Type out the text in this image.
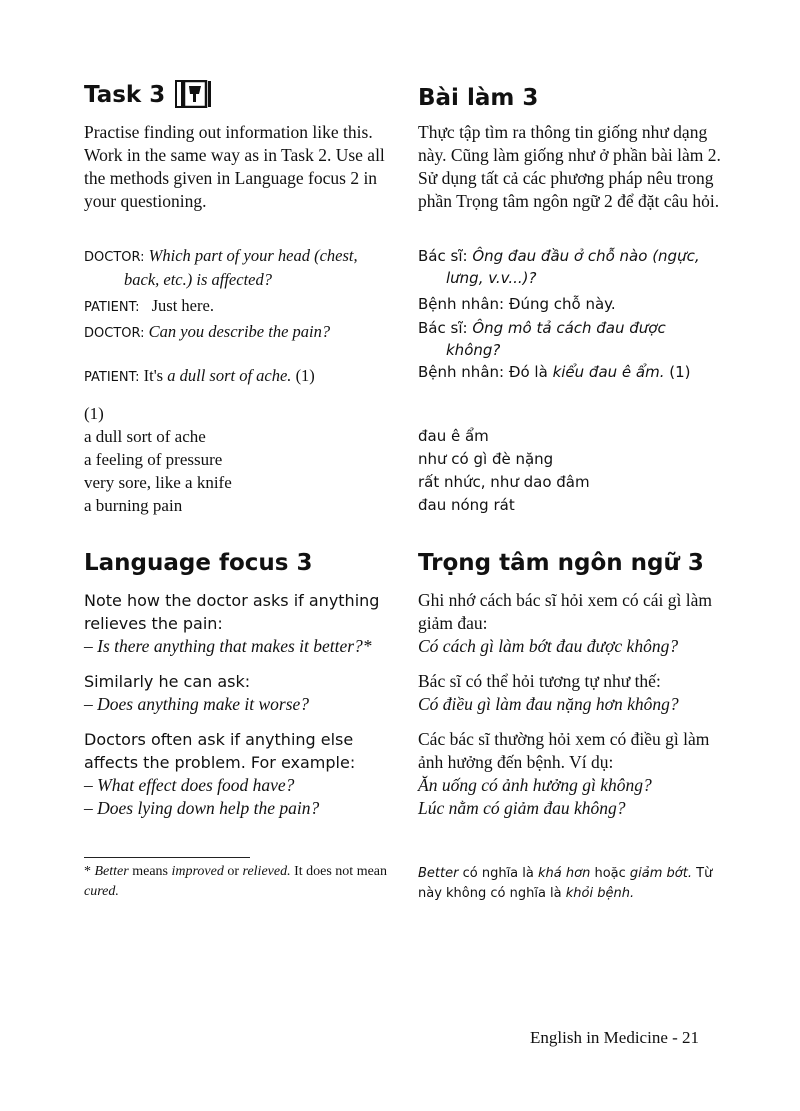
Task 3

Practise finding out information like this. Work in the same way as in Task 2. Use all the methods given in Language focus 2 in your questioning.

DOCTOR: Which part of your head (chest,
back, etc.) is affected?
PATIENT: Just here.
DOCTOR: Can you describe the pain?
PATIENT: It's a dull sort of ache. (1)
(1)
a dull sort of ache
a feeling of pressure
very sore, like a knife
a burning pain
Language focus 3

Note how the doctor asks if anything relieves the pain:

– Is there anything that makes it better?*

Similarly he can ask:

– Does anything make it worse?

Doctors often ask if anything else affects the problem. For example:

– What effect does food have?

– Does lying down help the pain?

* Better means improved or relieved. It does not mean cured.

Bài làm 3

Thực tập tìm ra thông tin giống như dạng này. Cũng làm giống như ở phần bài làm 2. Sử dụng tất cả các phương pháp nêu trong phần Trọng tâm ngôn ngữ 2 để đặt câu hỏi.

Bác sĩ: Ông đau đầu ở chỗ nào (ngực,
lưng, v.v...)?
Bệnh nhân: Đúng chỗ này.
Bác sĩ: Ông mô tả cách đau được
không?
Bệnh nhân: Đó là kiểu đau ê ẩm. (1)
đau ê ẩm
như có gì đè nặng
rất nhức, như dao đâm
đau nóng rát
Trọng tâm ngôn ngữ 3

Ghi nhớ cách bác sĩ hỏi xem có cái gì làm giảm đau:

Có cách gì làm bớt đau được không?

Bác sĩ có thể hỏi tương tự như thế:

Có điều gì làm đau nặng hơn không?

Các bác sĩ thường hỏi xem có điều gì làm ảnh hưởng đến bệnh. Ví dụ:

Ăn uống có ảnh hưởng gì không?

Lúc nằm có giảm đau không?

Better có nghĩa là khá hơn hoặc giảm bớt. Từ này không có nghĩa là khỏi bệnh.

English in Medicine - 21
